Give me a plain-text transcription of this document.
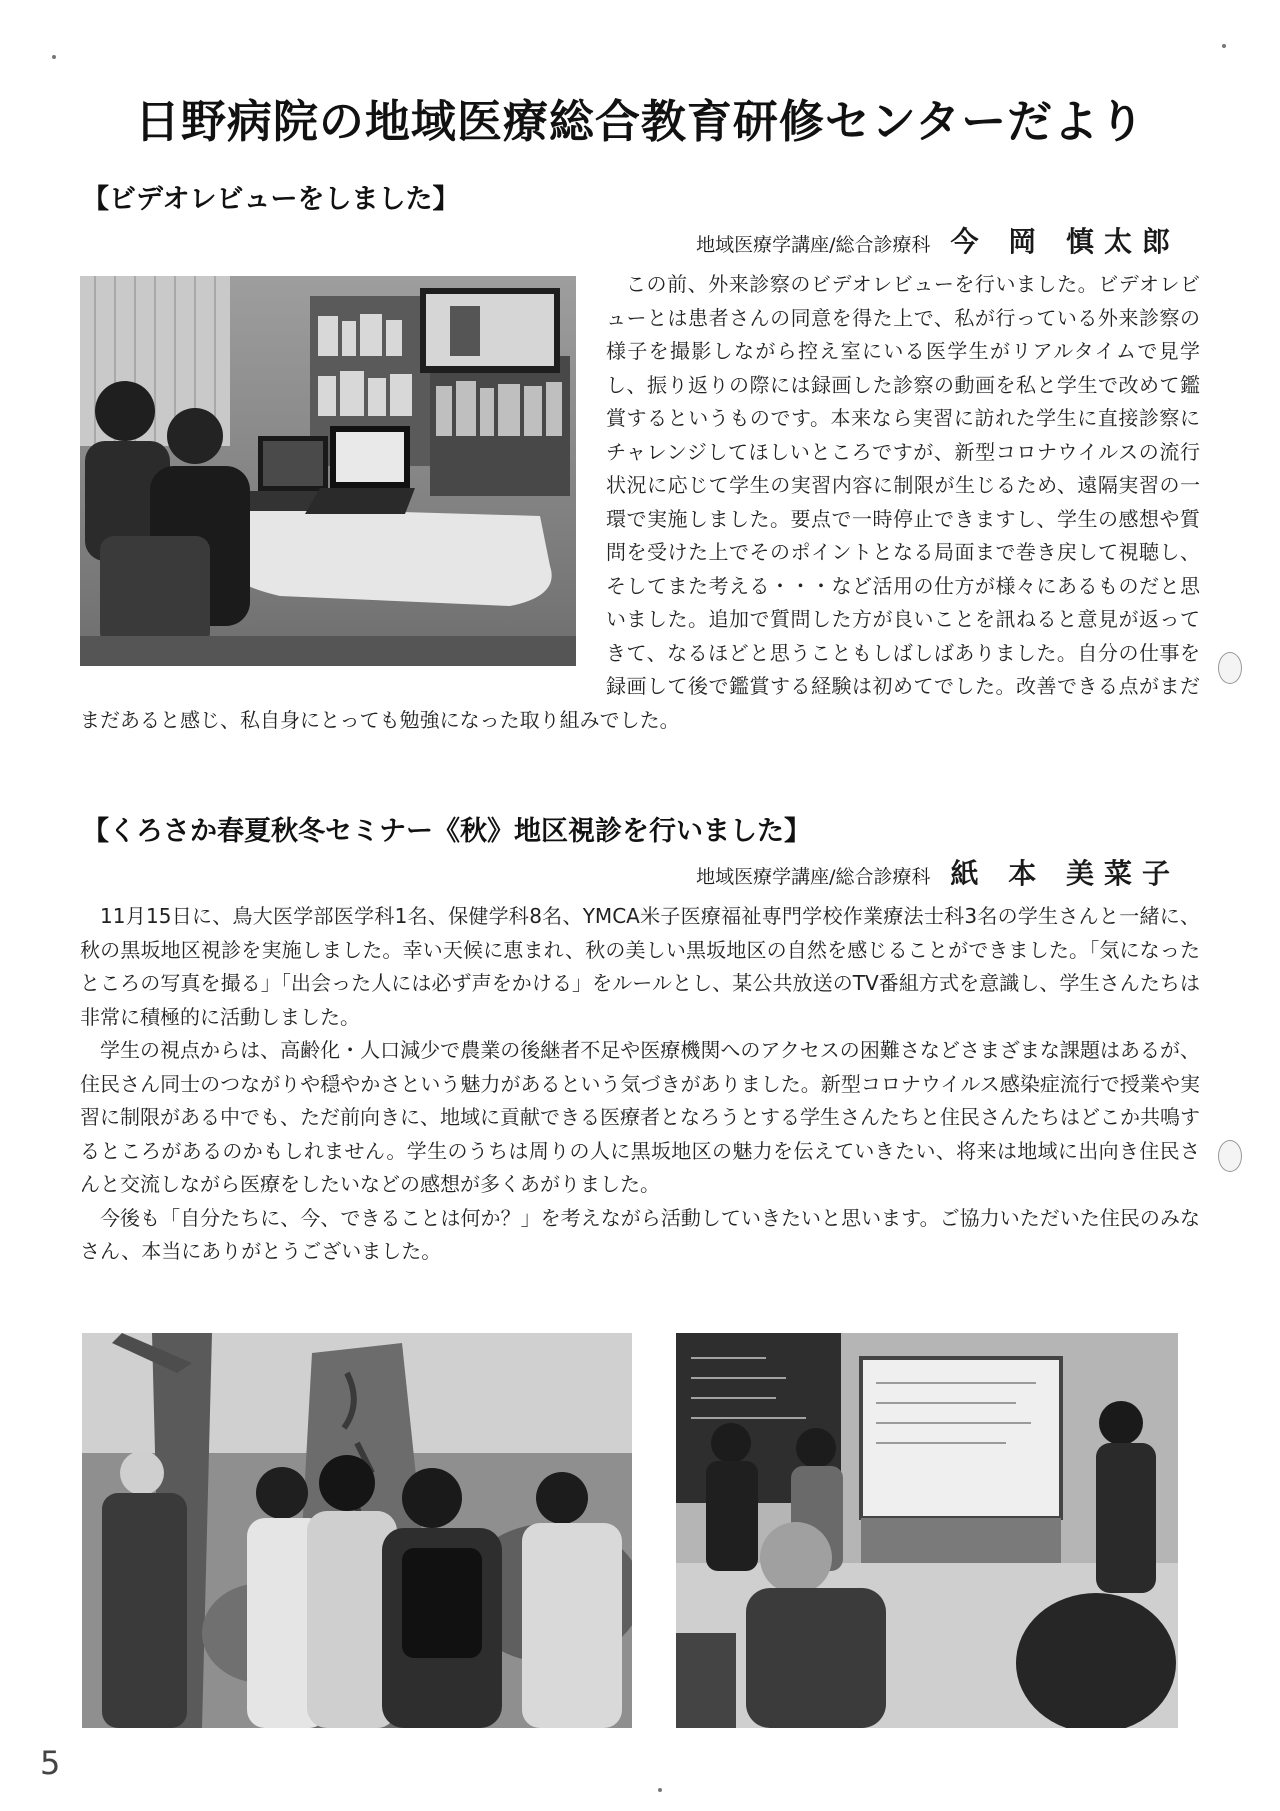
日野病院の地域医療総合教育研修センターだより
【ビデオレビューをしました】
地域医療学講座/総合診療科 今 岡 慎太郎

この前、外来診察のビデオレビューを行いました。ビデオレビューとは患者さんの同意を得た上で、私が行っている外来診察の様子を撮影しながら控え室にいる医学生がリアルタイムで見学し、振り返りの際には録画した診察の動画を私と学生で改めて鑑賞するというものです。本来なら実習に訪れた学生に直接診察にチャレンジしてほしいところですが、新型コロナウイルスの流行状況に応じて学生の実習内容に制限が生じるため、遠隔実習の一環で実施しました。要点で一時停止できますし、学生の感想や質問を受けた上でそのポイントとなる局面まで巻き戻して視聴し、そしてまた考える・・・など活用の仕方が様々にあるものだと思いました。追加で質問した方が良いことを訊ねると意見が返ってきて、なるほどと思うこともしばしばありました。自分の仕事を録画して後で鑑賞する経験は初めてでした。改善できる点がまだまだあると感じ、私自身にとっても勉強になった取り組みでした。

【くろさか春夏秋冬セミナー《秋》地区視診を行いました】
地域医療学講座/総合診療科 紙 本 美菜子

11月15日に、鳥大医学部医学科1名、保健学科8名、YMCA米子医療福祉専門学校作業療法士科3名の学生さんと一緒に、秋の黒坂地区視診を実施しました。幸い天候に恵まれ、秋の美しい黒坂地区の自然を感じることができました。「気になったところの写真を撮る」「出会った人には必ず声をかける」をルールとし、某公共放送のTV番組方式を意識し、学生さんたちは非常に積極的に活動しました。

学生の視点からは、高齢化・人口減少で農業の後継者不足や医療機関へのアクセスの困難さなどさまざまな課題はあるが、住民さん同士のつながりや穏やかさという魅力があるという気づきがありました。新型コロナウイルス感染症流行で授業や実習に制限がある中でも、ただ前向きに、地域に貢献できる医療者となろうとする学生さんたちと住民さんたちはどこか共鳴するところがあるのかもしれません。学生のうちは周りの人に黒坂地区の魅力を伝えていきたい、将来は地域に出向き住民さんと交流しながら医療をしたいなどの感想が多くあがりました。

今後も「自分たちに、今、できることは何か？」を考えながら活動していきたいと思います。ご協力いただいた住民のみなさん、本当にありがとうございました。

5
